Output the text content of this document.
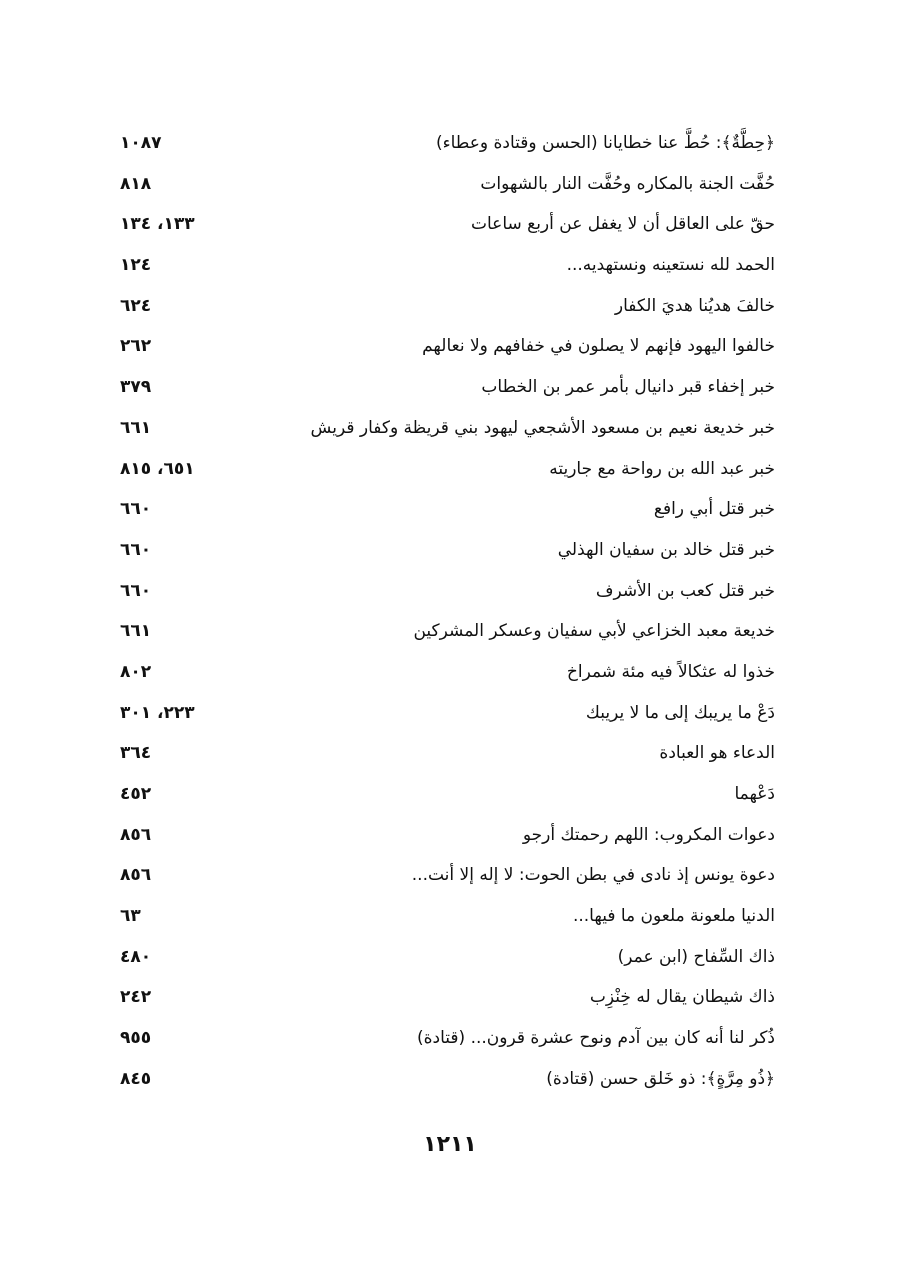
﴿حِطَّةٌ﴾: حُطَّ عنا خطايانا (الحسن وقتادة وعطاء)
١٠٨٧
حُفَّت الجنة بالمكاره وحُفَّت النار بالشهوات
٨١٨
حقّ على العاقل أن لا يغفل عن أربع ساعات
١٣٣، ١٣٤
الحمد لله نستعينه ونستهديه...
١٢٤
خالفَ هديُنا هديَ الكفار
٦٢٤
خالفوا اليهود فإنهم لا يصلون في خفافهم ولا نعالهم
٢٦٢
خبر إخفاء قبر دانيال بأمر عمر بن الخطاب
٣٧٩
خبر خديعة نعيم بن مسعود الأشجعي ليهود بني قريظة وكفار قريش
٦٦١
خبر عبد الله بن رواحة مع جاريته
٦٥١، ٨١٥
خبر قتل أبي رافع
٦٦٠
خبر قتل خالد بن سفيان الهذلي
٦٦٠
خبر قتل كعب بن الأشرف
٦٦٠
خديعة معبد الخزاعي لأبي سفيان وعسكر المشركين
٦٦١
خذوا له عثكالاً فيه مئة شمراخ
٨٠٢
دَعْ ما يريبك إلى ما لا يريبك
٢٢٣، ٣٠١
الدعاء هو العبادة
٣٦٤
دَعْهما
٤٥٢
دعوات المكروب: اللهم رحمتك أرجو
٨٥٦
دعوة يونس إذ نادى في بطن الحوت: لا إله إلا أنت...
٨٥٦
الدنيا ملعونة ملعون ما فيها...
٦٣
ذاك السِّفاح (ابن عمر)
٤٨٠
ذاك شيطان يقال له خِنْزِب
٢٤٢
ذُكر لنا أنه كان بين آدم ونوح عشرة قرون... (قتادة)
٩٥٥
﴿ذُو مِرَّةٍ﴾: ذو خَلق حسن (قتادة)
٨٤٥
١٢١١
